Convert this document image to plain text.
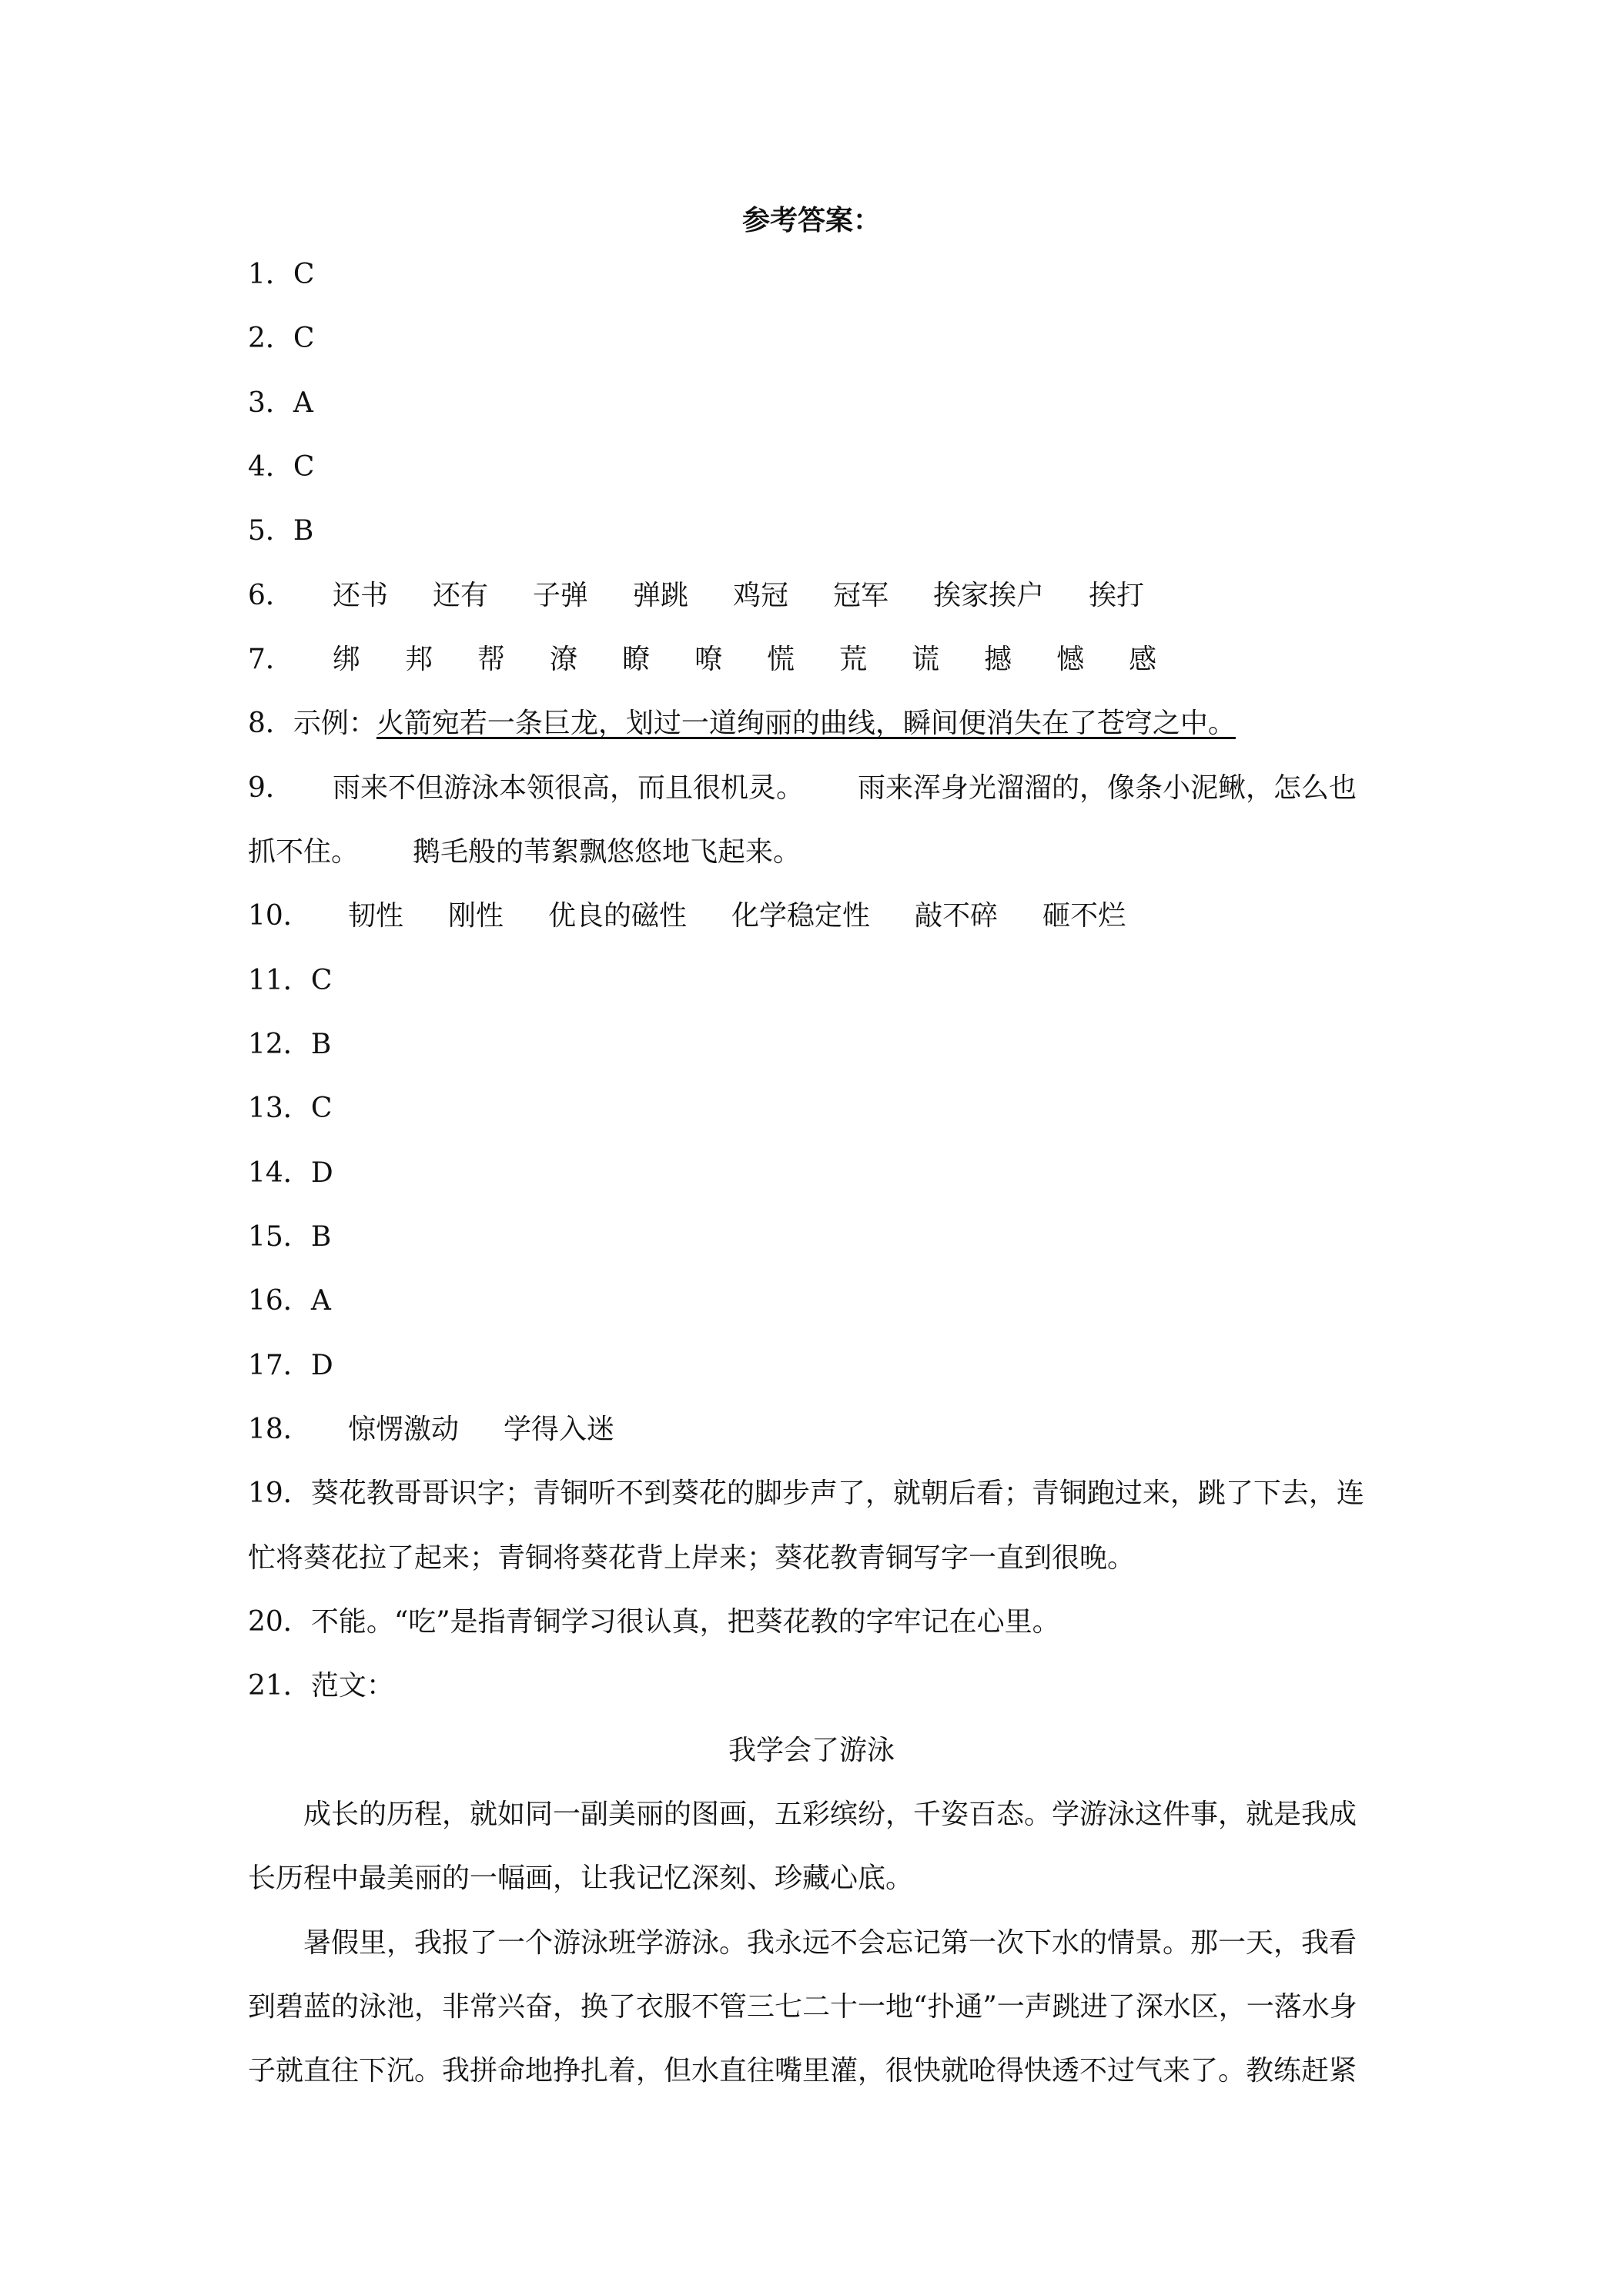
参考答案：
1．C
2．C
3．A
4．C
5．B
6． 还书 还有 子弹 弹跳 鸡冠 冠军 挨家挨户 挨打
7． 绑 邦 帮 潦 瞭 嘹 慌 荒 谎 撼 憾 感
8．示例：火箭宛若一条巨龙，划过一道绚丽的曲线，瞬间便消失在了苍穹之中。
9． 雨来不但游泳本领很高，而且很机灵。 雨来浑身光溜溜的，像条小泥鳅，怎么也
抓不住。 鹅毛般的苇絮飘悠悠地飞起来。
10． 韧性 刚性 优良的磁性 化学稳定性 敲不碎 砸不烂
11．C
12．B
13．C
14．D
15．B
16．A
17．D
18． 惊愣激动 学得入迷
19．葵花教哥哥识字；青铜听不到葵花的脚步声了，就朝后看；青铜跑过来，跳了下去，连
忙将葵花拉了起来；青铜将葵花背上岸来；葵花教青铜写字一直到很晚。
20．不能。“吃”是指青铜学习很认真，把葵花教的字牢记在心里。
21．范文：
我学会了游泳
成长的历程，就如同一副美丽的图画，五彩缤纷，千姿百态。学游泳这件事，就是我成
长历程中最美丽的一幅画，让我记忆深刻、珍藏心底。
暑假里，我报了一个游泳班学游泳。我永远不会忘记第一次下水的情景。那一天，我看
到碧蓝的泳池，非常兴奋，换了衣服不管三七二十一地“扑通”一声跳进了深水区，一落水身
子就直往下沉。我拼命地挣扎着，但水直往嘴里灌，很快就呛得快透不过气来了。教练赶紧
